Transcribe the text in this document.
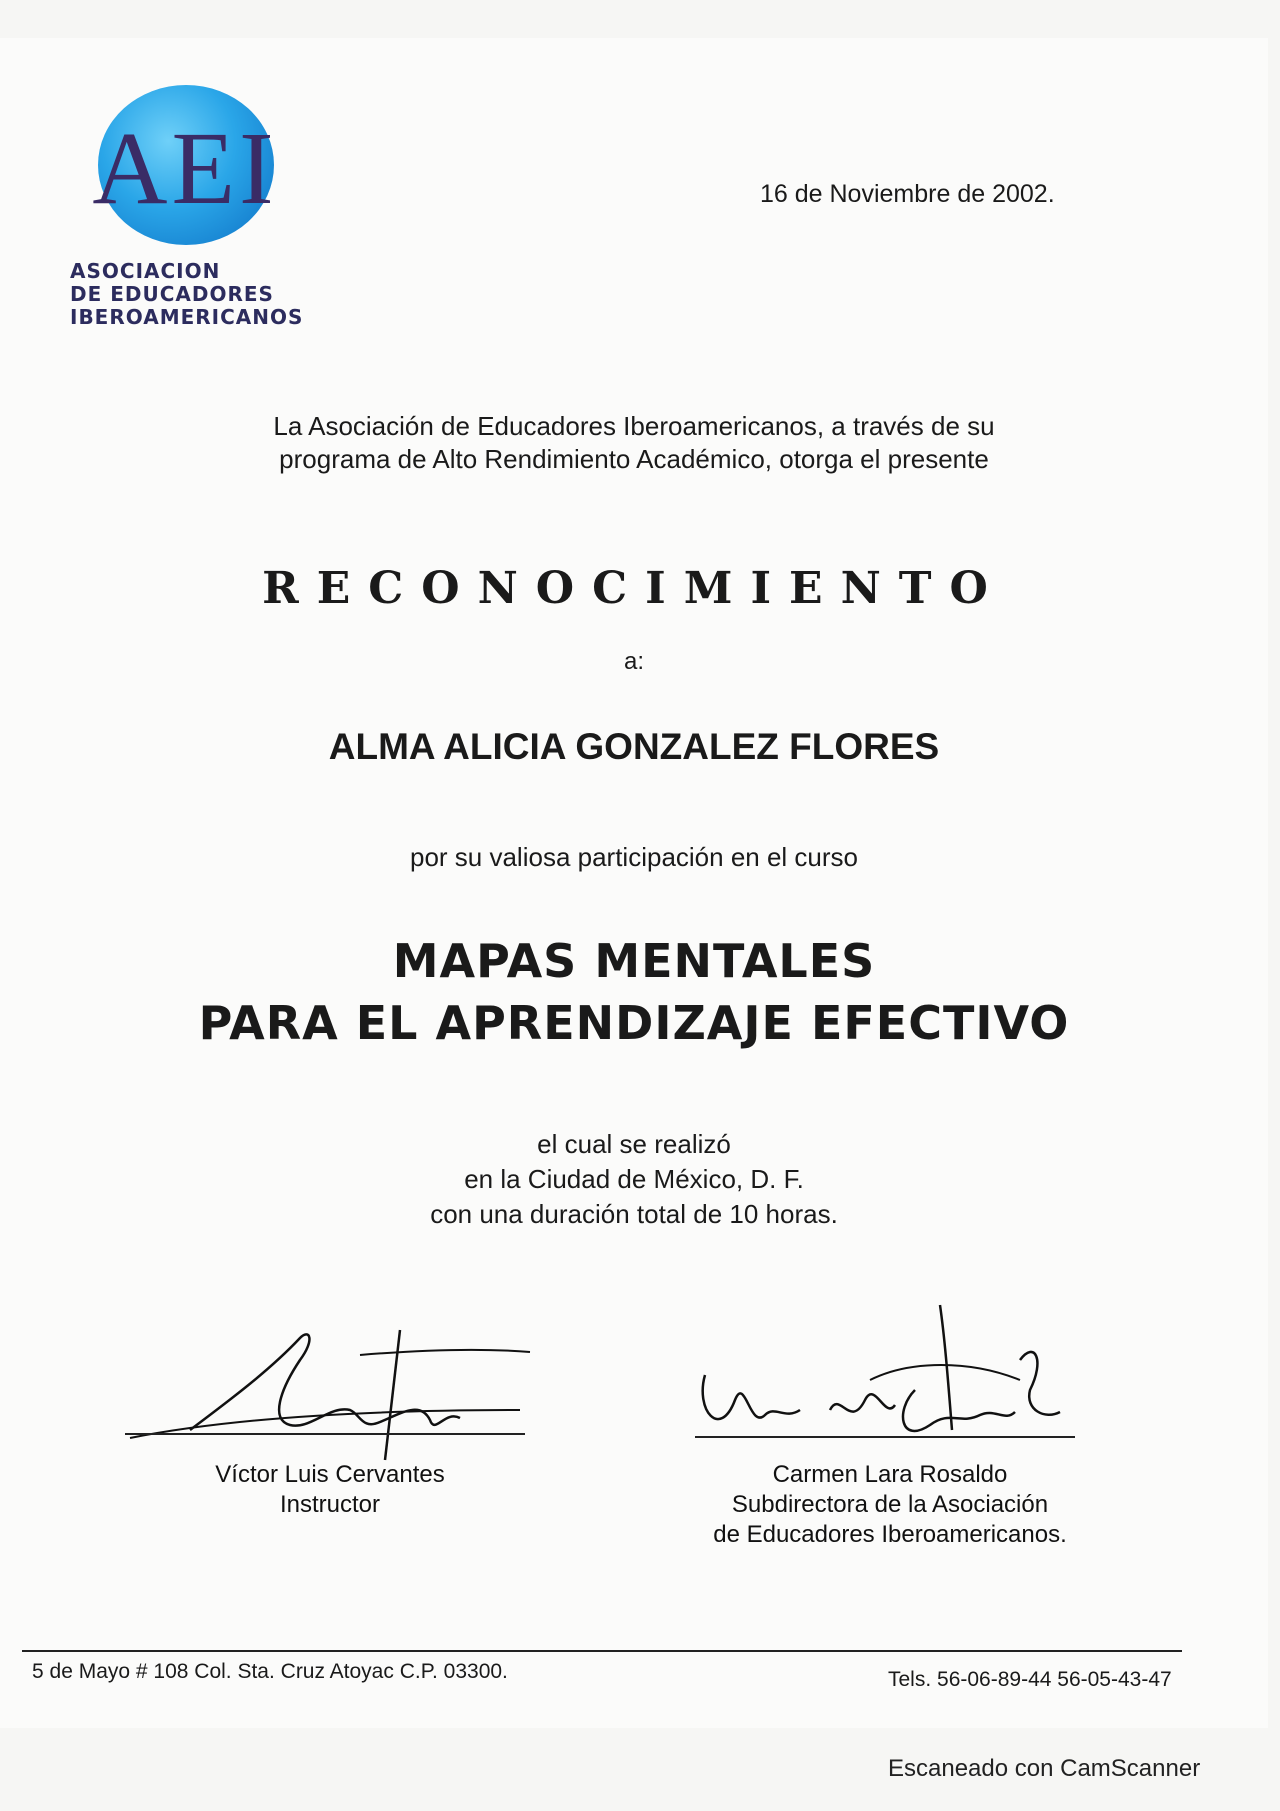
AEI
ASOCIACION
DE EDUCADORES
IBEROAMERICANOS
16 de Noviembre de 2002.
La Asociación de Educadores Iberoamericanos, a través de su
programa de Alto Rendimiento Académico, otorga el presente
RECONOCIMIENTO
a:
ALMA ALICIA GONZALEZ FLORES
por su valiosa participación en el curso
MAPAS MENTALES
PARA EL APRENDIZAJE EFECTIVO
el cual se realizó
en la Ciudad de México, D. F.
con una duración total de 10 horas.
Víctor Luis Cervantes
Instructor
Carmen Lara Rosaldo
Subdirectora de la Asociación
de Educadores Iberoamericanos.
5 de Mayo # 108 Col. Sta. Cruz Atoyac C.P. 03300.	Tels. 56-06-89-44 56-05-43-47
Escaneado con CamScanner
